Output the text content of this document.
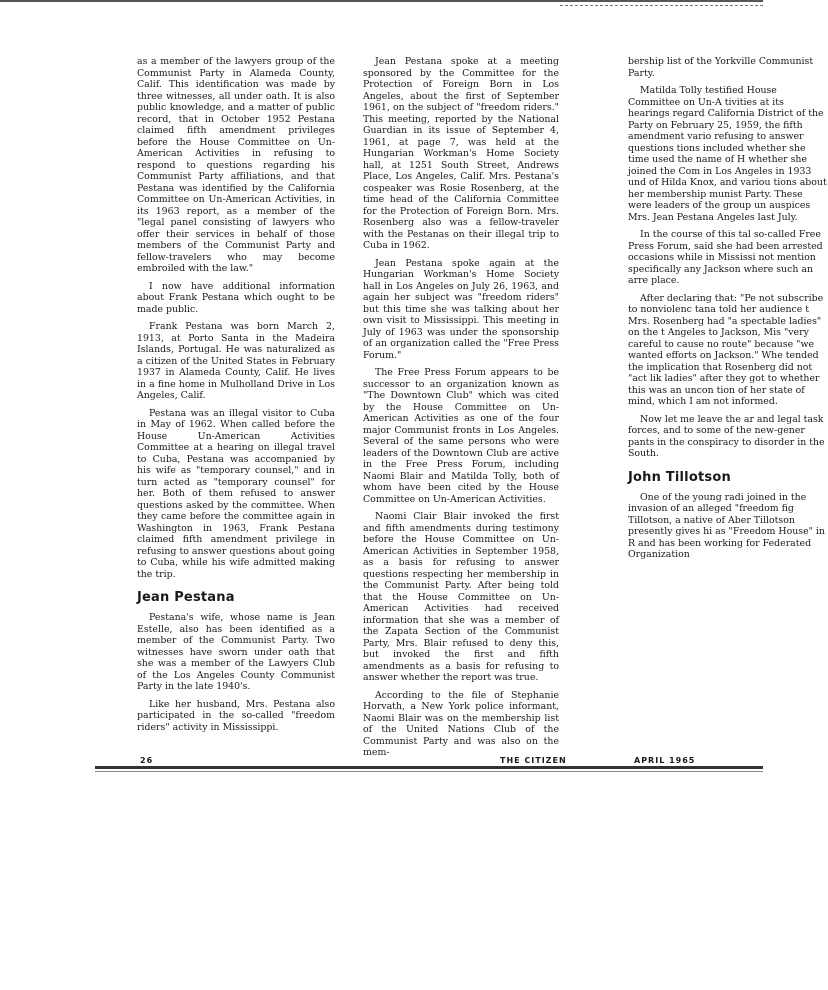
as a member of the lawyers group of the Communist Party in Alameda County, Calif. This identification was made by three witnesses, all under oath. It is also public knowledge, and a matter of public record, that in October 1952 Pestana claimed fifth amendment privileges before the House Committee on Un-American Activities in refusing to respond to questions regarding his Communist Party affiliations, and that Pestana was identified by the California Committee on Un-American Activities, in its 1963 report, as a member of the "legal panel consisting of lawyers who offer their services in behalf of those members of the Communist Party and fellow-travelers who may become embroiled with the law."

I now have additional information about Frank Pestana which ought to be made public.

Frank Pestana was born March 2, 1913, at Porto Santa in the Madeira Islands, Portugal. He was naturalized as a citizen of the United States in February 1937 in Alameda County, Calif. He lives in a fine home in Mulholland Drive in Los Angeles, Calif.

Pestana was an illegal visitor to Cuba in May of 1962. When called before the House Un-American Activities Committee at a hearing on illegal travel to Cuba, Pestana was accompanied by his wife as "temporary counsel," and in turn acted as "temporary counsel" for her. Both of them refused to answer questions asked by the committee. When they came before the committee again in Washington in 1963, Frank Pestana claimed fifth amendment privilege in refusing to answer questions about going to Cuba, while his wife admitted making the trip.

Jean Pestana

Pestana's wife, whose name is Jean Estelle, also has been identified as a member of the Communist Party. Two witnesses have sworn under oath that she was a member of the Lawyers Club of the Los Angeles County Communist Party in the late 1940's.

Like her husband, Mrs. Pestana also participated in the so-called "freedom riders" activity in Mississippi.

Jean Pestana spoke at a meeting sponsored by the Committee for the Protection of Foreign Born in Los Angeles, about the first of September 1961, on the subject of "freedom riders." This meeting, reported by the National Guardian in its issue of September 4, 1961, at page 7, was held at the Hungarian Workman's Home Society hall, at 1251 South Street, Andrews Place, Los Angeles, Calif. Mrs. Pestana's cospeaker was Rosie Rosenberg, at the time head of the California Committee for the Protection of Foreign Born. Mrs. Rosenberg also was a fellow-traveler with the Pestanas on their illegal trip to Cuba in 1962.

Jean Pestana spoke again at the Hungarian Workman's Home Society hall in Los Angeles on July 26, 1963, and again her subject was "freedom riders" but this time she was talking about her own visit to Mississippi. This meeting in July of 1963 was under the sponsorship of an organization called the "Free Press Forum."

The Free Press Forum appears to be successor to an organization known as "The Downtown Club" which was cited by the House Committee on Un-American Activities as one of the four major Communist fronts in Los Angeles. Several of the same persons who were leaders of the Downtown Club are active in the Free Press Forum, including Naomi Blair and Matilda Tolly, both of whom have been cited by the House Committee on Un-American Activities.

Naomi Clair Blair invoked the first and fifth amendments during testimony before the House Committee on Un-American Activities in September 1958, as a basis for refusing to answer questions respecting her membership in the Communist Party. After being told that the House Committee on Un-American Activities had received information that she was a member of the Zapata Section of the Communist Party, Mrs. Blair refused to deny this, but invoked the first and fifth amendments as a basis for refusing to answer whether the report was true.

According to the file of Stephanie Horvath, a New York police informant, Naomi Blair was on the membership list of the United Nations Club of the Communist Party and was also on the mem-

bership list of the Yorkville Communist Party.

Matilda Tolly testified House Committee on Un-A tivities at its hearings regard California District of the Party on February 25, 1959, the fifth amendment vario refusing to answer questions tions included whether she time used the name of H whether she joined the Com in Los Angeles in 1933 und of Hilda Knox, and variou tions about her membership munist Party. These were leaders of the group un auspices Mrs. Jean Pestana Angeles last July.

In the course of this tal so-called Free Press Forum, said she had been arrested occasions while in Mississi not mention specifically any Jackson where such an arre place.

After declaring that: "Pe not subscribe to nonviolenc tana told her audience t Mrs. Rosenberg had "a spectable ladies" on the t Angeles to Jackson, Mis "very careful to cause no route" because "we wanted efforts on Jackson." Whe tended the implication that Rosenberg did not "act lik ladies" after they got to whether this was an uncon tion of her state of mind, which I am not informed.

Now let me leave the ar and legal task forces, and to some of the new-gener pants in the conspiracy to disorder in the South.

John Tillotson

One of the young radi joined in the invasion of an alleged "freedom fig Tillotson, a native of Aber Tillotson presently gives hi as "Freedom House" in R and has been working for Federated Organization

26	THE CITIZEN	APRIL 1965
